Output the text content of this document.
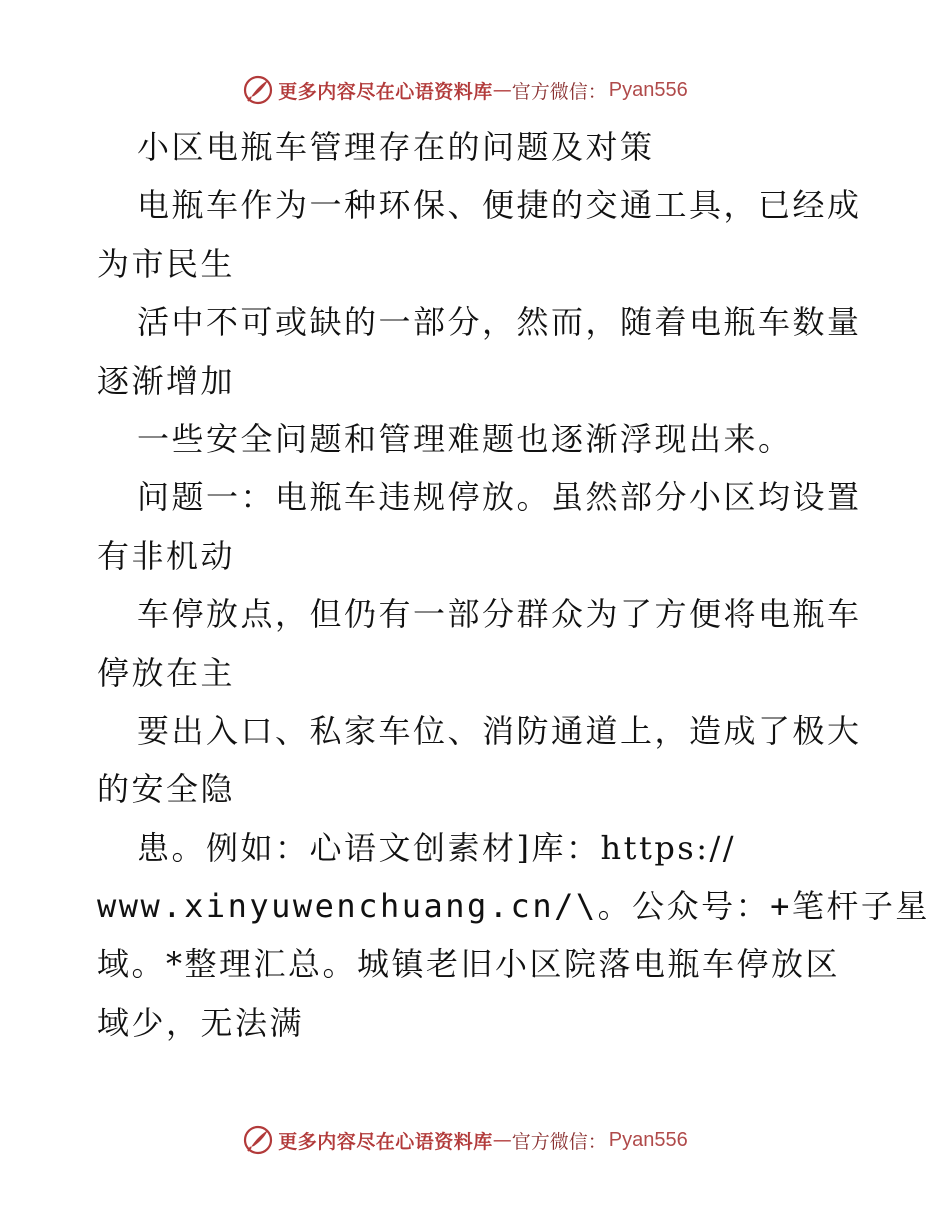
更多内容尽在心语资料库 — 官方微信： Pyan556
小区电瓶车管理存在的问题及对策
电瓶车作为一种环保、便捷的交通工具，已经成
为市民生
活中不可或缺的一部分，然而，随着电瓶车数量
逐渐增加
一些安全问题和管理难题也逐渐浮现出来。
问题一：电瓶车违规停放。虽然部分小区均设置
有非机动
车停放点，但仍有一部分群众为了方便将电瓶车
停放在主
要出入口、私家车位、消防通道上，造成了极大
的安全隐
患。例如：心语文创素材]库：https://
www.xinyuwenchuang.cn/\。公众号：+笔杆子星
域。*整理汇总。城镇老旧小区院落电瓶车停放区
域少，无法满
更多内容尽在心语资料库 — 官方微信： Pyan556
